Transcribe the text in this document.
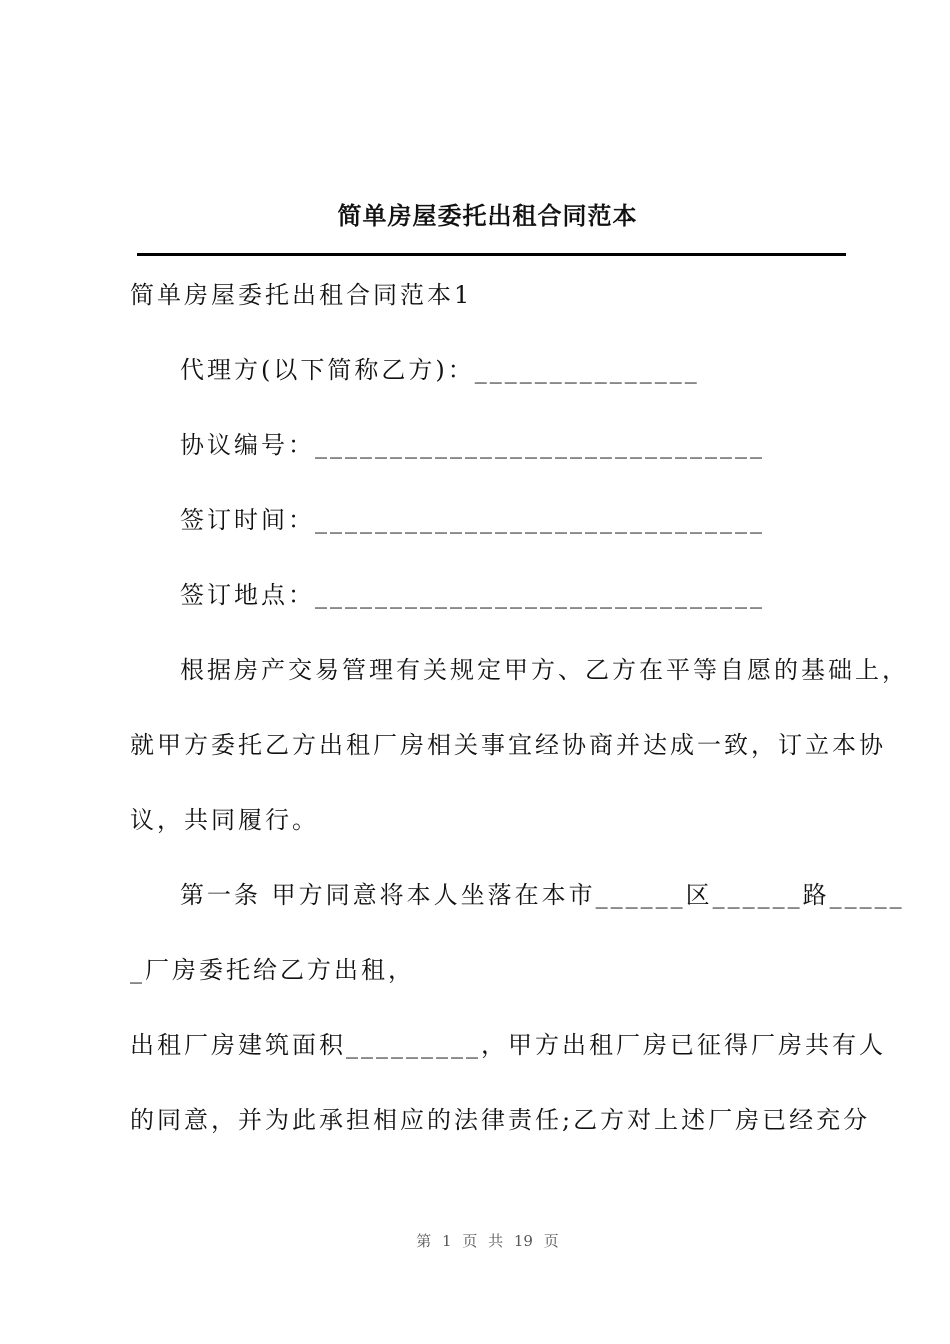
简单房屋委托出租合同范本
简单房屋委托出租合同范本1
代理方(以下简称乙方)：_______________
协议编号：______________________________
签订时间：______________________________
签订地点：______________________________
根据房产交易管理有关规定甲方、乙方在平等自愿的基础上，
就甲方委托乙方出租厂房相关事宜经协商并达成一致，订立本协
议，共同履行。
第一条 甲方同意将本人坐落在本市______区______路_____
_厂房委托给乙方出租，
出租厂房建筑面积_________，甲方出租厂房已征得厂房共有人
的同意，并为此承担相应的法律责任;乙方对上述厂房已经充分
第 1 页 共 19 页
